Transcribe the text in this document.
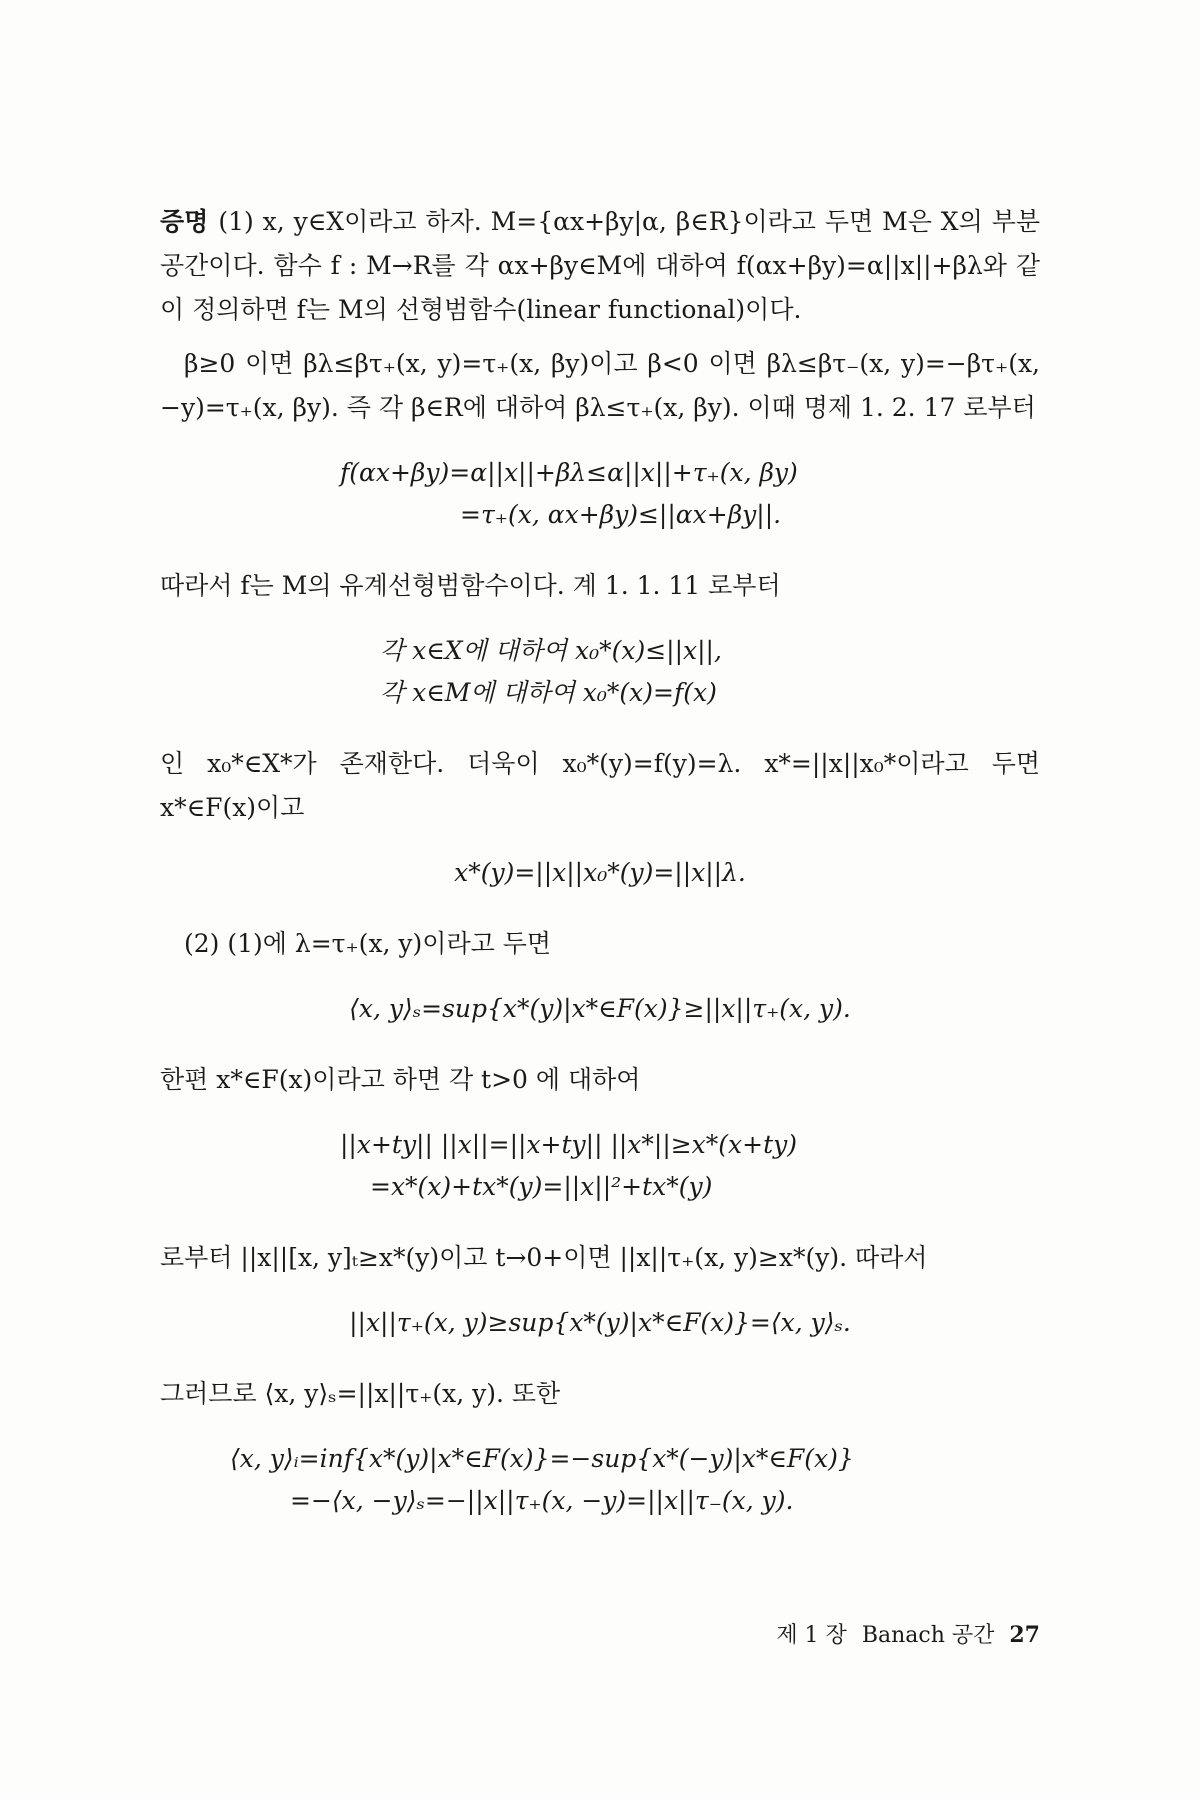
증명 (1) x, y∈X이라고 하자. M={αx+βy|α, β∈R}이라고 두면 M은 X의 부분공간이다. 함수 f : M→R를 각 αx+βy∈M에 대하여 f(αx+βy)=α||x||+βλ와 같이 정의하면 f는 M의 선형범함수(linear functional)이다.

β≥0 이면 βλ≤βτ₊(x, y)=τ₊(x, βy)이고 β<0 이면 βλ≤βτ₋(x, y)=−βτ₊(x, −y)=τ₊(x, βy). 즉 각 β∈R에 대하여 βλ≤τ₊(x, βy). 이때 명제 1. 2. 17 로부터

f(αx+βy)=α||x||+βλ≤α||x||+τ₊(x, βy)
=τ₊(x, αx+βy)≤||αx+βy||.

따라서 f는 M의 유계선형범함수이다. 계 1. 1. 11 로부터

각 x∈X에 대하여 x₀*(x)≤||x||,
각 x∈M에 대하여 x₀*(x)=f(x)

인 x₀*∈X*가 존재한다. 더욱이 x₀*(y)=f(y)=λ. x*=||x||x₀*이라고 두면 x*∈F(x)이고

x*(y)=||x||x₀*(y)=||x||λ.

(2) (1)에 λ=τ₊(x, y)이라고 두면

⟨x, y⟩ₛ=sup{x*(y)|x*∈F(x)}≥||x||τ₊(x, y).

한편 x*∈F(x)이라고 하면 각 t>0 에 대하여

||x+ty|| ||x||=||x+ty|| ||x*||≥x*(x+ty)
=x*(x)+tx*(y)=||x||²+tx*(y)

로부터 ||x||[x, y]ₜ≥x*(y)이고 t→0+이면 ||x||τ₊(x, y)≥x*(y). 따라서

||x||τ₊(x, y)≥sup{x*(y)|x*∈F(x)}=⟨x, y⟩ₛ.

그러므로 ⟨x, y⟩ₛ=||x||τ₊(x, y). 또한

⟨x, y⟩ᵢ=inf{x*(y)|x*∈F(x)}=−sup{x*(−y)|x*∈F(x)}
=−⟨x, −y⟩ₛ=−||x||τ₊(x, −y)=||x||τ₋(x, y).
제 1 장 Banach 공간 27
